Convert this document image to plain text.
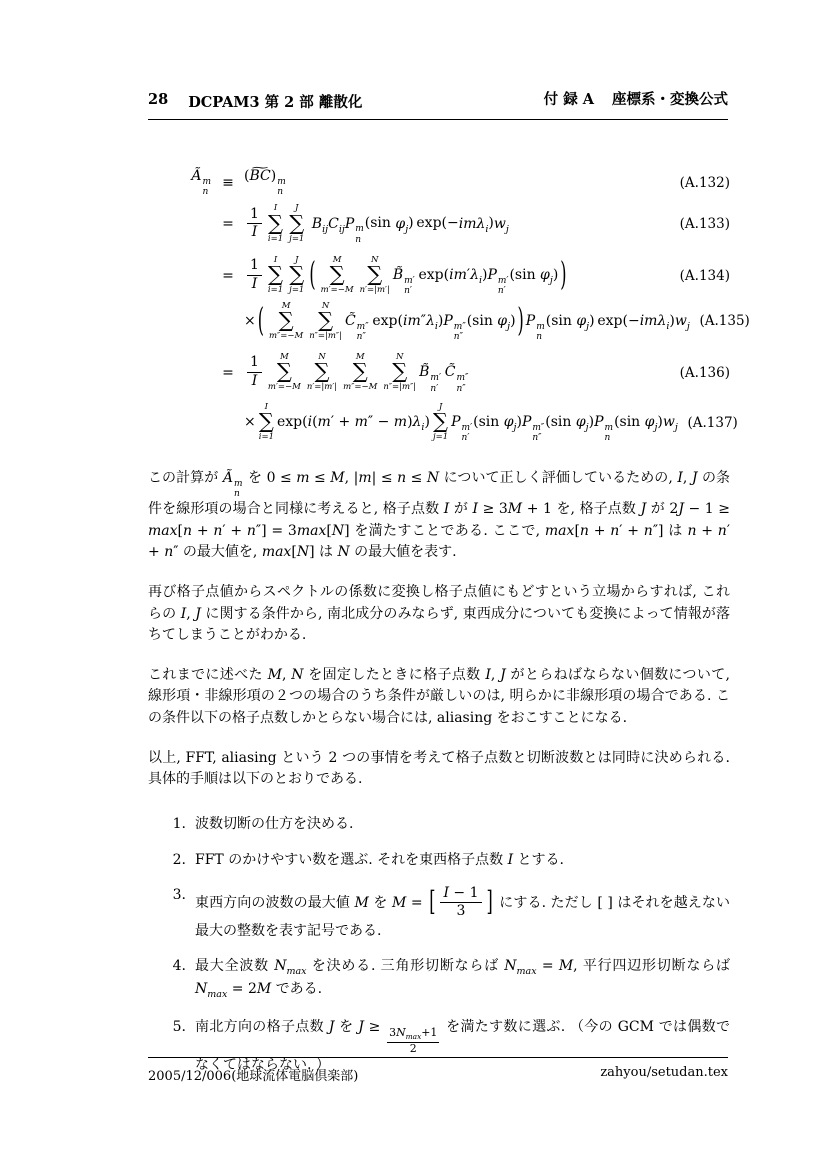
28 DCPAM3 第 2 部 離散化	付 録 A 座標系・変換公式
Ã m
n
≡ (BC ∼) m
n
(A.132)
= $\frac{1}{I}$ I
∑
i=1
J
∑
j=1
$B_{ij}C_{ij}P$ m
n
(sin $\varphi_j$) $\exp(-im\lambda_i)w_j$	(A.133)
= $\frac{1}{I}$ I
∑
i=1
J
∑
j=1 ( M
∑
m′=−M
N
∑
n′=|m′|
B̃ m′
n′
 $\exp(im'\lambda_i)P$ m′
n′
(sin $\varphi_j$) )	(A.134)
× ( M
∑
m″=−M
N
∑
n″=|m″|
C̃ m″
n″
 $\exp(im''\lambda_i)P$ m″
n″
(sin $\varphi_j$) ) P m
n
(sin $\varphi_j$) $\exp(-im\lambda_i)w_j$ (A.135)
= $\frac{1}{I}$ M
∑
m′=−M
N
∑
n′=|m′|
M
∑
m″=−M
N
∑
n″=|m″|
B̃ m′
n′
 C̃ m″
n″
(A.136)
×
I
∑
i=1
$\exp(i(m' + m'' - m)\lambda_i)$
J
∑
j=1
P m′
n′
(sin $\varphi_j)P$ m″
n″
(sin $\varphi_j)P$ m
n
(sin $\varphi_j)w_j$ (A.137)

この計算が Ã m
n
を 0 ≤ m ≤ M, |m| ≤ n ≤ N について正しく評価しているための, I, J の条件を線形項の場合と同様に考えると, 格子点数 I が I ≥ 3M + 1 を, 格子点数 J が 2J − 1 ≥ max[n + n′ + n″] = 3max[N] を満たすことである. ここで, max[n + n′ + n″] は n + n′ + n″ の最大値を, max[N] は N の最大値を表す.

再び格子点値からスペクトルの係数に変換し格子点値にもどすという立場からすれば, これらの I, J に関する条件から, 南北成分のみならず, 東西成分についても変換によって情報が落ちてしまうことがわかる.

これまでに述べた M, N を固定したときに格子点数 I, J がとらねばならない個数について, 線形項・非線形項の２つの場合のうち条件が厳しいのは, 明らかに非線形項の場合である. この条件以下の格子点数しかとらない場合には, aliasing をおこすことになる.

以上, FFT, aliasing という 2 つの事情を考えて格子点数と切断波数とは同時に決められる. 具体的手順は以下のとおりである.

1. 波数切断の仕方を決める.
2. FFT のかけやすい数を選ぶ. それを東西格子点数 I とする.
3. 東西方向の波数の最大値 M を M = [ $\frac{I - 1}{3}$ ] にする. ただし [ ] はそれを越えない最大の整数を表す記号である.
4. 最大全波数 $N_{max}$ を決める. 三角形切断ならば $N_{max} = M$, 平行四辺形切断ならば $N_{max} = 2M$ である.
5. 南北方向の格子点数 J を $J \ge 3N_{max}+1$
2
を満たす数に選ぶ. （今の GCM では偶数でなくてはならない. ）
2005/12/006(地球流体電脳倶楽部)	zahyou/setudan.tex
